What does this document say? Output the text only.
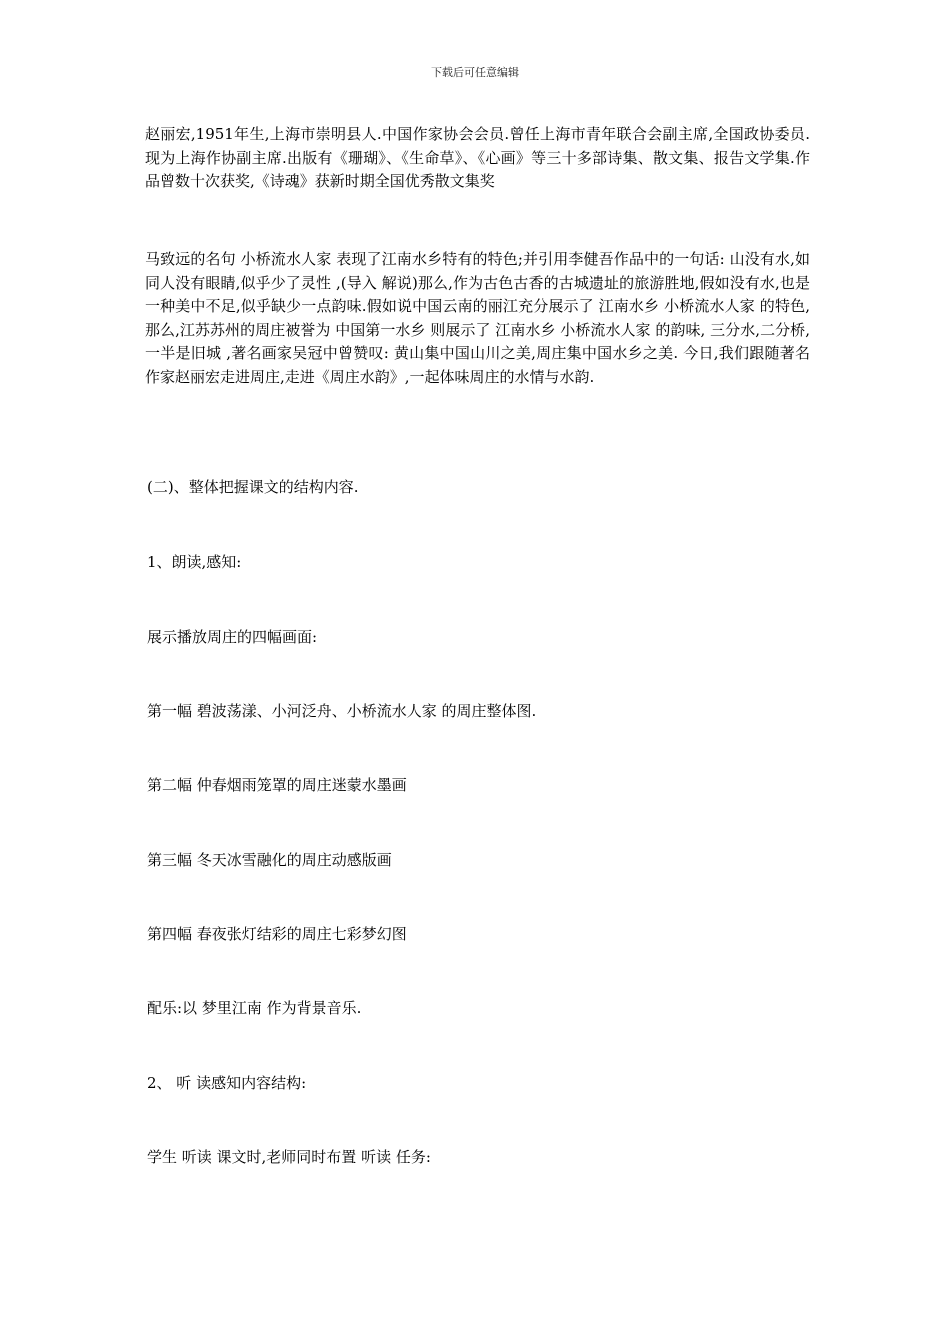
下载后可任意编辑

赵丽宏,1951年生,上海市崇明县人.中国作家协会会员.曾任上海市青年联合会副主席,全国政协委员.现为上海作协副主席.出版有《珊瑚》、《生命草》、《心画》等三十多部诗集、散文集、报告文学集.作品曾数十次获奖,《诗魂》获新时期全国优秀散文集奖

马致远的名句 小桥流水人家 表现了江南水乡特有的特色;并引用李健吾作品中的一句话: 山没有水,如同人没有眼睛,似乎少了灵性 ,(导入 解说)那么,作为古色古香的古城遗址的旅游胜地,假如没有水,也是一种美中不足,似乎缺少一点韵味.假如说中国云南的丽江充分展示了 江南水乡 小桥流水人家 的特色,那么,江苏苏州的周庄被誉为 中国第一水乡 则展示了 江南水乡 小桥流水人家 的韵味, 三分水,二分桥,一半是旧城 ,著名画家吴冠中曾赞叹: 黄山集中国山川之美,周庄集中国水乡之美. 今日,我们跟随著名作家赵丽宏走进周庄,走进《周庄水韵》,一起体味周庄的水情与水韵.

(二)、整体把握课文的结构内容.

1、朗读,感知:

展示播放周庄的四幅画面:

第一幅 碧波荡漾、小河泛舟、小桥流水人家 的周庄整体图.

第二幅 仲春烟雨笼罩的周庄迷蒙水墨画

第三幅 冬天冰雪融化的周庄动感版画

第四幅 春夜张灯结彩的周庄七彩梦幻图

配乐:以 梦里江南 作为背景音乐.

2、 听 读感知内容结构:

学生 听读 课文时,老师同时布置 听读 任务:
